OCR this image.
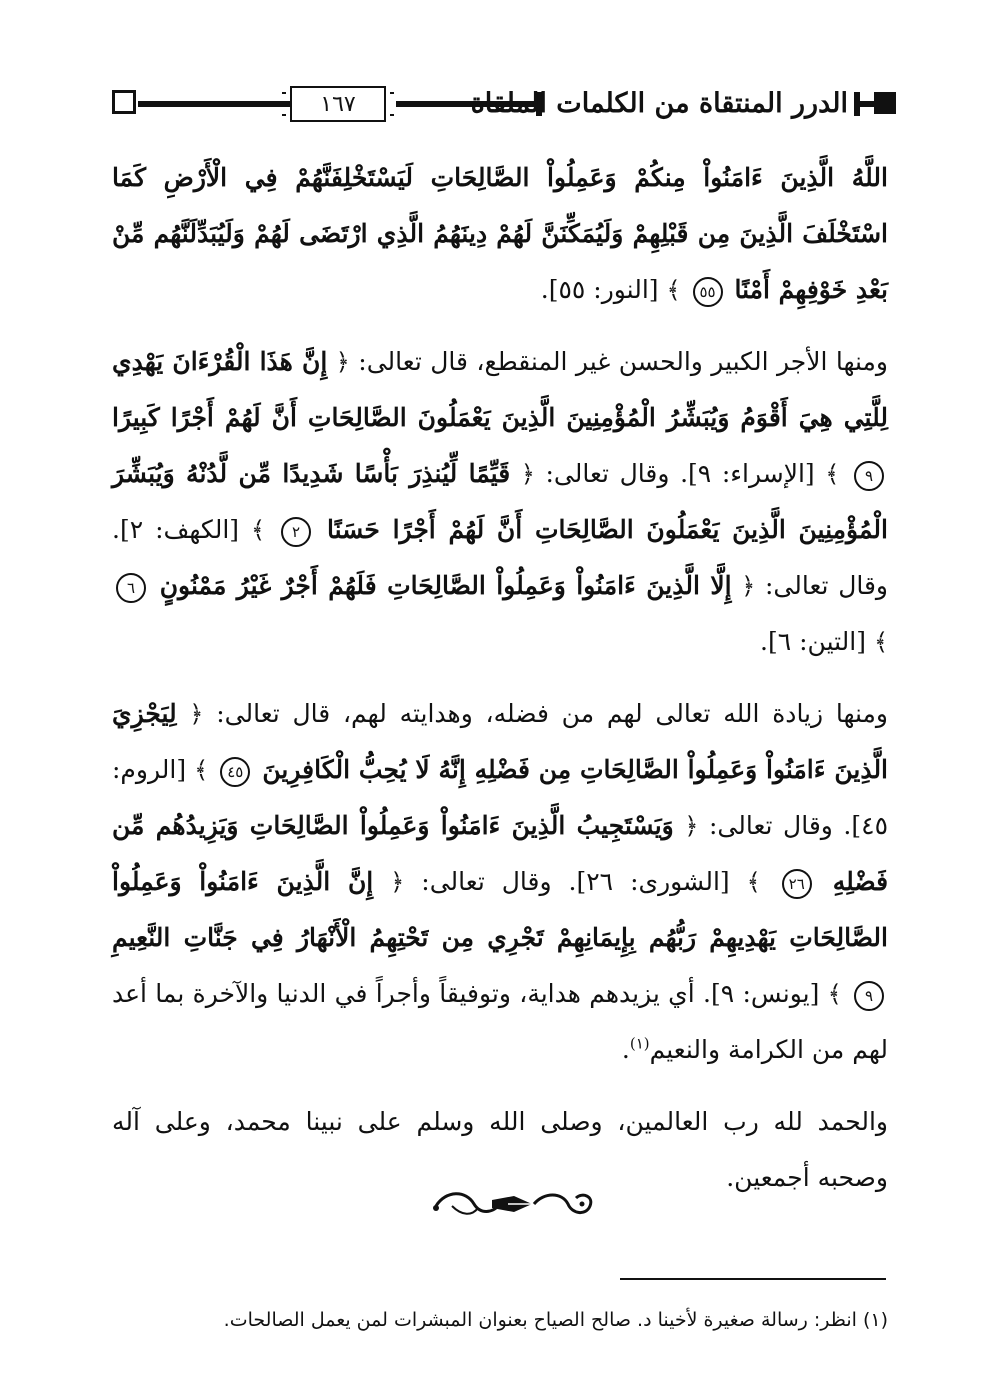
١٦٧	الدرر المنتقاة من الكلمات الملقاة

اللَّهُ الَّذِينَ ءَامَنُواْ مِنكُمْ وَعَمِلُواْ الصَّالِحَاتِ لَيَسْتَخْلِفَنَّهُمْ فِي الْأَرْضِ كَمَا اسْتَخْلَفَ الَّذِينَ مِن قَبْلِهِمْ وَلَيُمَكِّنَنَّ لَهُمْ دِينَهُمُ الَّذِي ارْتَضَى لَهُمْ وَلَيُبَدِّلَنَّهُم مِّنْ بَعْدِ خَوْفِهِمْ أَمْنًا ٥٥ ﴾ [النور: ٥٥].

ومنها الأجر الكبير والحسن غير المنقطع، قال تعالى: ﴿ إِنَّ هَذَا الْقُرْءَانَ يَهْدِي لِلَّتِي هِيَ أَقْوَمُ وَيُبَشِّرُ الْمُؤْمِنِينَ الَّذِينَ يَعْمَلُونَ الصَّالِحَاتِ أَنَّ لَهُمْ أَجْرًا كَبِيرًا ٩ ﴾ [الإسراء: ٩]. وقال تعالى: ﴿ قَيِّمًا لِّيُنذِرَ بَأْسًا شَدِيدًا مِّن لَّدُنْهُ وَيُبَشِّرَ الْمُؤْمِنِينَ الَّذِينَ يَعْمَلُونَ الصَّالِحَاتِ أَنَّ لَهُمْ أَجْرًا حَسَنًا ٢ ﴾ [الكهف: ٢]. وقال تعالى: ﴿ إِلَّا الَّذِينَ ءَامَنُواْ وَعَمِلُواْ الصَّالِحَاتِ فَلَهُمْ أَجْرٌ غَيْرُ مَمْنُونٍ ٦ ﴾ [التين: ٦].

ومنها زيادة الله تعالى لهم من فضله، وهدايته لهم، قال تعالى: ﴿ لِيَجْزِيَ الَّذِينَ ءَامَنُواْ وَعَمِلُواْ الصَّالِحَاتِ مِن فَضْلِهِ إِنَّهُ لَا يُحِبُّ الْكَافِرِينَ ٤٥ ﴾ [الروم: ٤٥]. وقال تعالى: ﴿ وَيَسْتَجِيبُ الَّذِينَ ءَامَنُواْ وَعَمِلُواْ الصَّالِحَاتِ وَيَزِيدُهُم مِّن فَضْلِهِ ٢٦ ﴾ [الشورى: ٢٦]. وقال تعالى: ﴿ إِنَّ الَّذِينَ ءَامَنُواْ وَعَمِلُواْ الصَّالِحَاتِ يَهْدِيهِمْ رَبُّهُم بِإِيمَانِهِمْ تَجْرِي مِن تَحْتِهِمُ الْأَنْهَارُ فِي جَنَّاتِ النَّعِيمِ ٩ ﴾ [يونس: ٩]. أي يزيدهم هداية، وتوفيقاً وأجراً في الدنيا والآخرة بما أعد لهم من الكرامة والنعيم$^{(١)}$.

والحمد لله رب العالمين، وصلى الله وسلم على نبينا محمد، وعلى آله وصحبه أجمعين.

(١) انظر: رسالة صغيرة لأخينا د. صالح الصياح بعنوان المبشرات لمن يعمل الصالحات.
